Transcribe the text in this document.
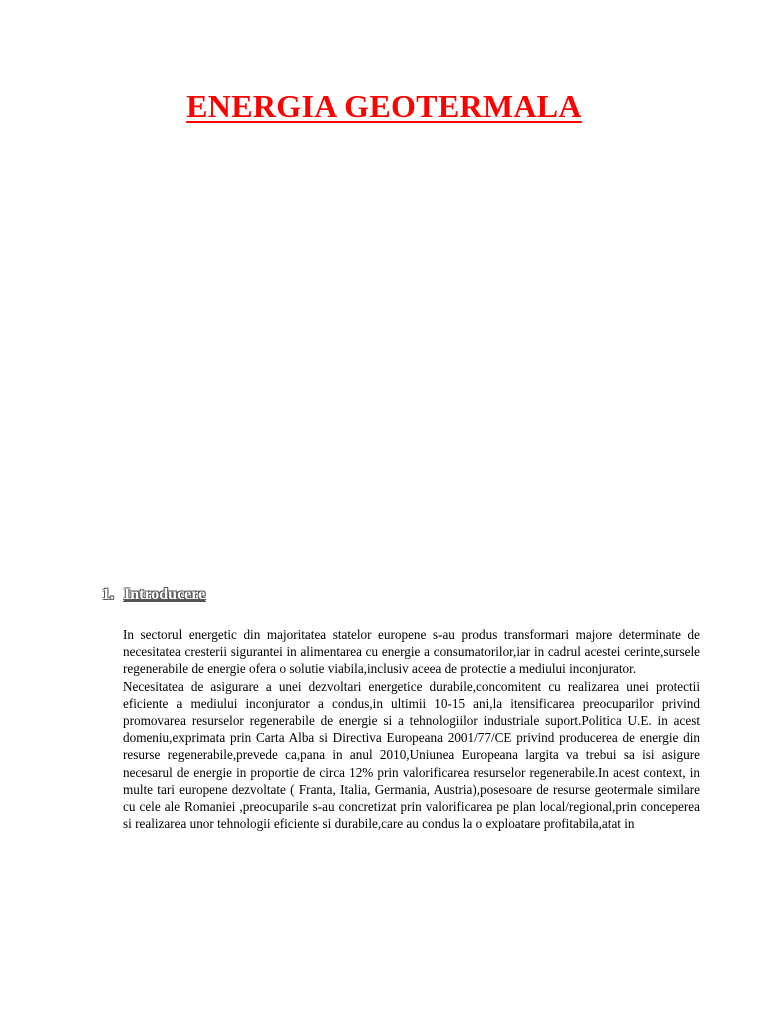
ENERGIA GEOTERMALA
1. Introducere

In sectorul energetic din majoritatea statelor europene s-au produs transformari majore determinate de necesitatea cresterii sigurantei in alimentarea cu energie a consumatorilor,iar in cadrul acestei cerinte,sursele regenerabile de energie ofera o solutie viabila,inclusiv aceea de protectie a mediului inconjurator.

Necesitatea de asigurare a unei dezvoltari energetice durabile,concomitent cu realizarea unei protectii eficiente a mediului inconjurator a condus,in ultimii 10-15 ani,la itensificarea preocuparilor privind promovarea resurselor regenerabile de energie si a tehnologiilor industriale suport.Politica U.E. in acest domeniu,exprimata prin Carta Alba si Directiva Europeana 2001/77/CE privind producerea de energie din resurse regenerabile,prevede ca,pana in anul 2010,Uniunea Europeana largita va trebui sa isi asigure necesarul de energie in proportie de circa 12% prin valorificarea resurselor regenerabile.In acest context, in multe tari europene dezvoltate ( Franta, Italia, Germania, Austria),posesoare de resurse geotermale similare cu cele ale Romaniei ,preocuparile s-au concretizat prin valorificarea pe plan local/regional,prin conceperea si realizarea unor tehnologii eficiente si durabile,care au condus la o exploatare profitabila,atat in
